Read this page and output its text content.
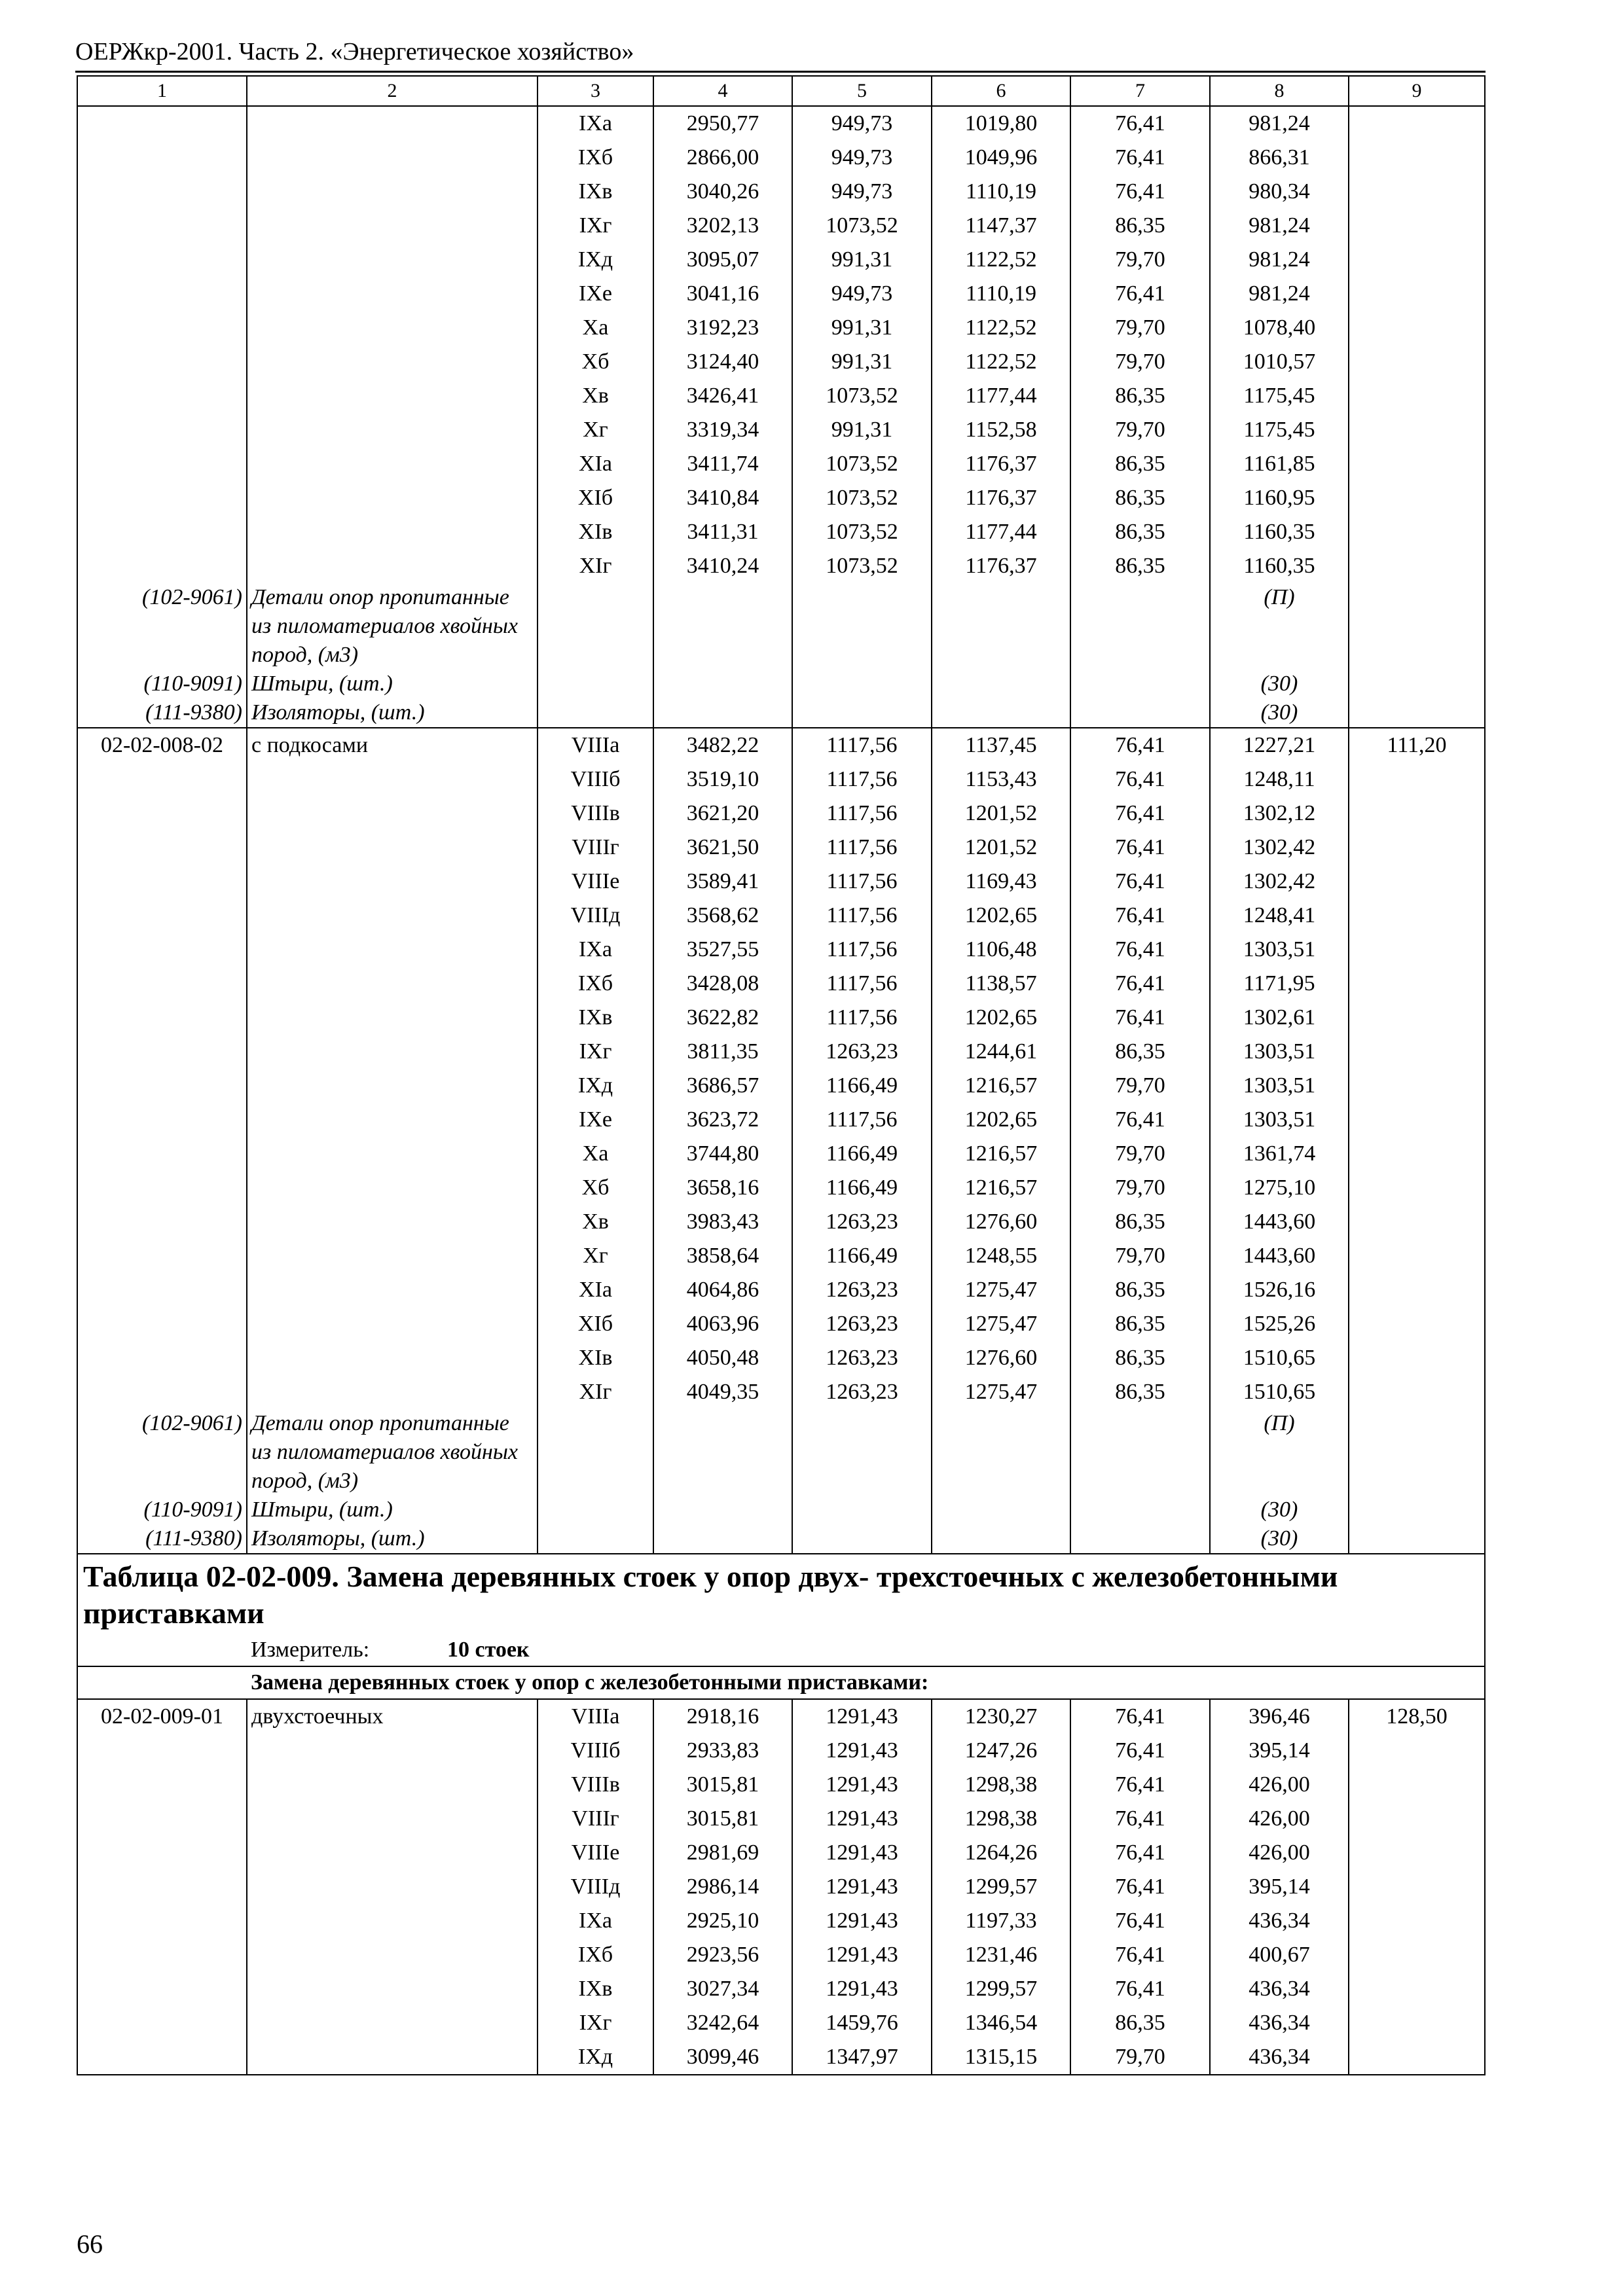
ОЕРЖкр-2001. Часть 2. «Энергетическое хозяйство»
1	2	3	4	5	6	7	8	9
		IXа	2950,77	949,73	1019,80	76,41	981,24	
		IXб	2866,00	949,73	1049,96	76,41	866,31	
		IXв	3040,26	949,73	1110,19	76,41	980,34	
		IXг	3202,13	1073,52	1147,37	86,35	981,24	
		IXд	3095,07	991,31	1122,52	79,70	981,24	
		IXе	3041,16	949,73	1110,19	76,41	981,24	
		Xа	3192,23	991,31	1122,52	79,70	1078,40	
		Xб	3124,40	991,31	1122,52	79,70	1010,57	
		Xв	3426,41	1073,52	1177,44	86,35	1175,45	
		Xг	3319,34	991,31	1152,58	79,70	1175,45	
		XIа	3411,74	1073,52	1176,37	86,35	1161,85	
		XIб	3410,84	1073,52	1176,37	86,35	1160,95	
		XIв	3411,31	1073,52	1177,44	86,35	1160,35	
		XIг	3410,24	1073,52	1176,37	86,35	1160,35	
(102-9061)	Детали опор пропитанные из пиломатериалов хвойных пород, (м3)						(П)	
(110-9091)	Штыри, (шт.)						(30)	
(111-9380)	Изоляторы, (шт.)						(30)	
02-02-008-02	с подкосами	VIIIа	3482,22	1117,56	1137,45	76,41	1227,21	111,20
		VIIIб	3519,10	1117,56	1153,43	76,41	1248,11	
		VIIIв	3621,20	1117,56	1201,52	76,41	1302,12	
		VIIIг	3621,50	1117,56	1201,52	76,41	1302,42	
		VIIIе	3589,41	1117,56	1169,43	76,41	1302,42	
		VIIIд	3568,62	1117,56	1202,65	76,41	1248,41	
		IXа	3527,55	1117,56	1106,48	76,41	1303,51	
		IXб	3428,08	1117,56	1138,57	76,41	1171,95	
		IXв	3622,82	1117,56	1202,65	76,41	1302,61	
		IXг	3811,35	1263,23	1244,61	86,35	1303,51	
		IXд	3686,57	1166,49	1216,57	79,70	1303,51	
		IXе	3623,72	1117,56	1202,65	76,41	1303,51	
		Xа	3744,80	1166,49	1216,57	79,70	1361,74	
		Xб	3658,16	1166,49	1216,57	79,70	1275,10	
		Xв	3983,43	1263,23	1276,60	86,35	1443,60	
		Xг	3858,64	1166,49	1248,55	79,70	1443,60	
		XIа	4064,86	1263,23	1275,47	86,35	1526,16	
		XIб	4063,96	1263,23	1275,47	86,35	1525,26	
		XIв	4050,48	1263,23	1276,60	86,35	1510,65	
		XIг	4049,35	1263,23	1275,47	86,35	1510,65	
(102-9061)	Детали опор пропитанные из пиломатериалов хвойных пород, (м3)						(П)	
(110-9091)	Штыри, (шт.)						(30)	
(111-9380)	Изоляторы, (шт.)						(30)	
Таблица 02-02-009. Замена деревянных стоек у опор двух- трехстоечных с железобетонными приставками								
	Измеритель: 10 стоек							
	Замена деревянных стоек у опор с железобетонными приставками:							
02-02-009-01	двухстоечных	VIIIа	2918,16	1291,43	1230,27	76,41	396,46	128,50
		VIIIб	2933,83	1291,43	1247,26	76,41	395,14	
		VIIIв	3015,81	1291,43	1298,38	76,41	426,00	
		VIIIг	3015,81	1291,43	1298,38	76,41	426,00	
		VIIIе	2981,69	1291,43	1264,26	76,41	426,00	
		VIIIд	2986,14	1291,43	1299,57	76,41	395,14	
		IXа	2925,10	1291,43	1197,33	76,41	436,34	
		IXб	2923,56	1291,43	1231,46	76,41	400,67	
		IXв	3027,34	1291,43	1299,57	76,41	436,34	
		IXг	3242,64	1459,76	1346,54	86,35	436,34	
		IXд	3099,46	1347,97	1315,15	79,70	436,34	
66
